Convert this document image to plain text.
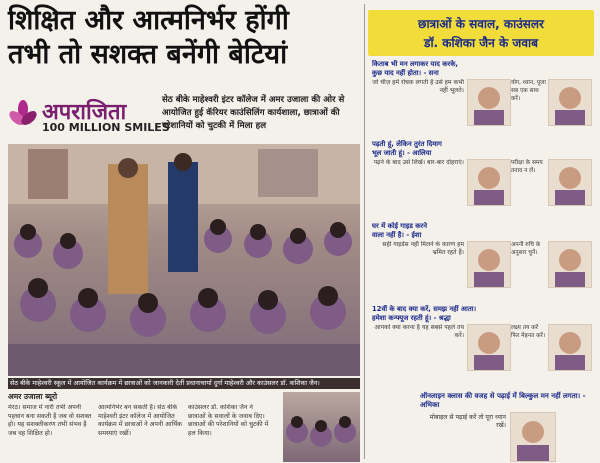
शिक्षित और आत्मनिर्भर होंगी
तभी तो सशक्त बनेंगी बेटियां
अपराजिता
100 MILLION SMILES
सेठ बीके माहेश्वरी इंटर कॉलेज में अमर उजाला की ओर से आयोजित हुई कॅरियर काउंसिलिंग कार्यशाला, छात्राओं की परेशानियों को चुटकी में मिला हल
सेठ बीके माहेश्वरी स्कूल में आयोजित कार्यक्रम में छात्राओं को जानकारी देतीं प्रधानाचार्या दुर्गा माहेश्वरी और काउंसलर डॉ. कशिका जैन।
अमर उजाला ब्यूरो
मेरठ। समाज में नारी तभी अपनी पहचान बना सकती है जब वो सशक्त हो। यह सशक्तीकरण तभी संभव है जब वह शिक्षित हो।
आत्मनिर्भर बन सकती हैं। सेठ बीके माहेश्वरी इंटर कॉलेज में आयोजित कार्यक्रम में छात्राओं ने अपनी आर्थिक समस्याएं रखीं।
काउंसलर डॉ. कशिका जैन ने छात्राओं के सवालों के जवाब दिए। छात्राओं की परेशानियों को चुटकी में हल किया।
छात्राओं के सवाल, काउंसलर
डॉ. कशिका जैन के जवाब
किताब भी मन लगाकर याद करके,
कुछ याद नहीं होता। - सना
जो चीज़ हमें रोचक लगती है उसे हम कभी नहीं भूलते।
योग, ध्यान, पूजा सब एक साथ करें।
पढ़ती हूं, लेकिन तुरंत दिमाग
भूल जाती हूं। - आलिया
पढ़ने के बाद उसे लिखें। बार-बार दोहराएं।	परीक्षा के समय तनाव न लें।
घर में कोई गाइड करने
वाला नहीं है। - ईशा
सही गाइडेंस नहीं मिलने के कारण हम भ्रमित रहते हैं।
अपनी रुचि के अनुसार चुनें।
12वीं के बाद क्या करें, समझ नहीं आता।
हमेशा कन्फ्यूज रहती हूं। - श्रद्धा
आपको क्या करना है यह सबसे पहले तय करें।
लक्ष्य तय करें फिर मेहनत करें।
ऑनलाइन क्लास की वजह से पढ़ाई में बिल्कुल मन नहीं लगता। - अभिका
मोबाइल से पढ़ाई करें तो पूरा ध्यान रखें।
